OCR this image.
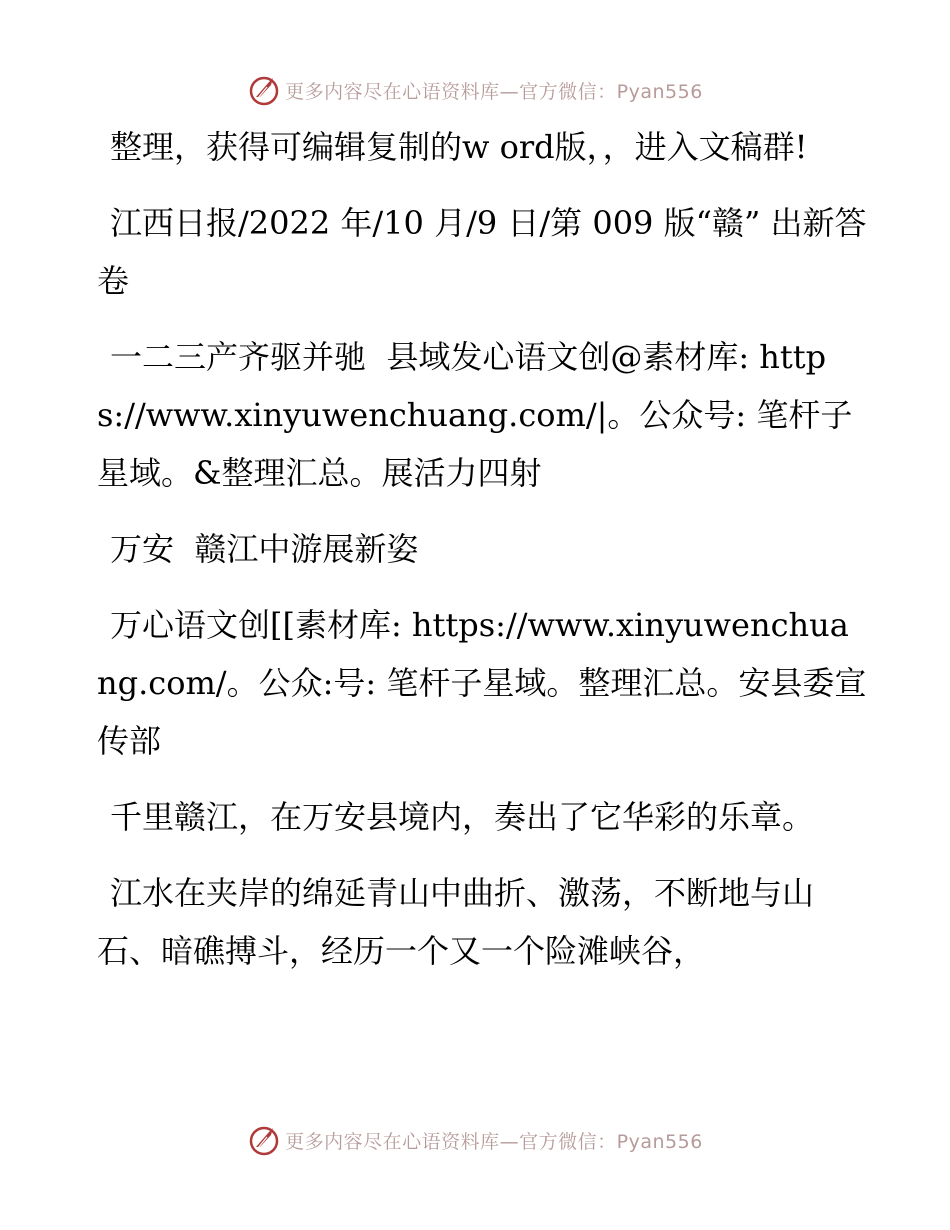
更多内容尽在心语资料库—官方微信：Pyan556

整理，获得可编辑复制的w ord版，，进入文稿群!

江西日报/2022 年/10 月/9 日/第 009 版“赣” 出新答卷

一二三产齐驱并驰  县域发心语文创@素材库: https://www.xinyuwenchuang.com/|。公众号: 笔杆子星域。&整理汇总。展活力四射

万安  赣江中游展新姿

万心语文创[[素材库: https://www.xinyuwenchuang.com/。公众:号: 笔杆子星域。整理汇总。安县委宣传部

千里赣江，在万安县境内，奏出了它华彩的乐章。

江水在夹岸的绵延青山中曲折、激荡，不断地与山石、暗礁搏斗，经历一个又一个险滩峡谷，

更多内容尽在心语资料库—官方微信：Pyan556
